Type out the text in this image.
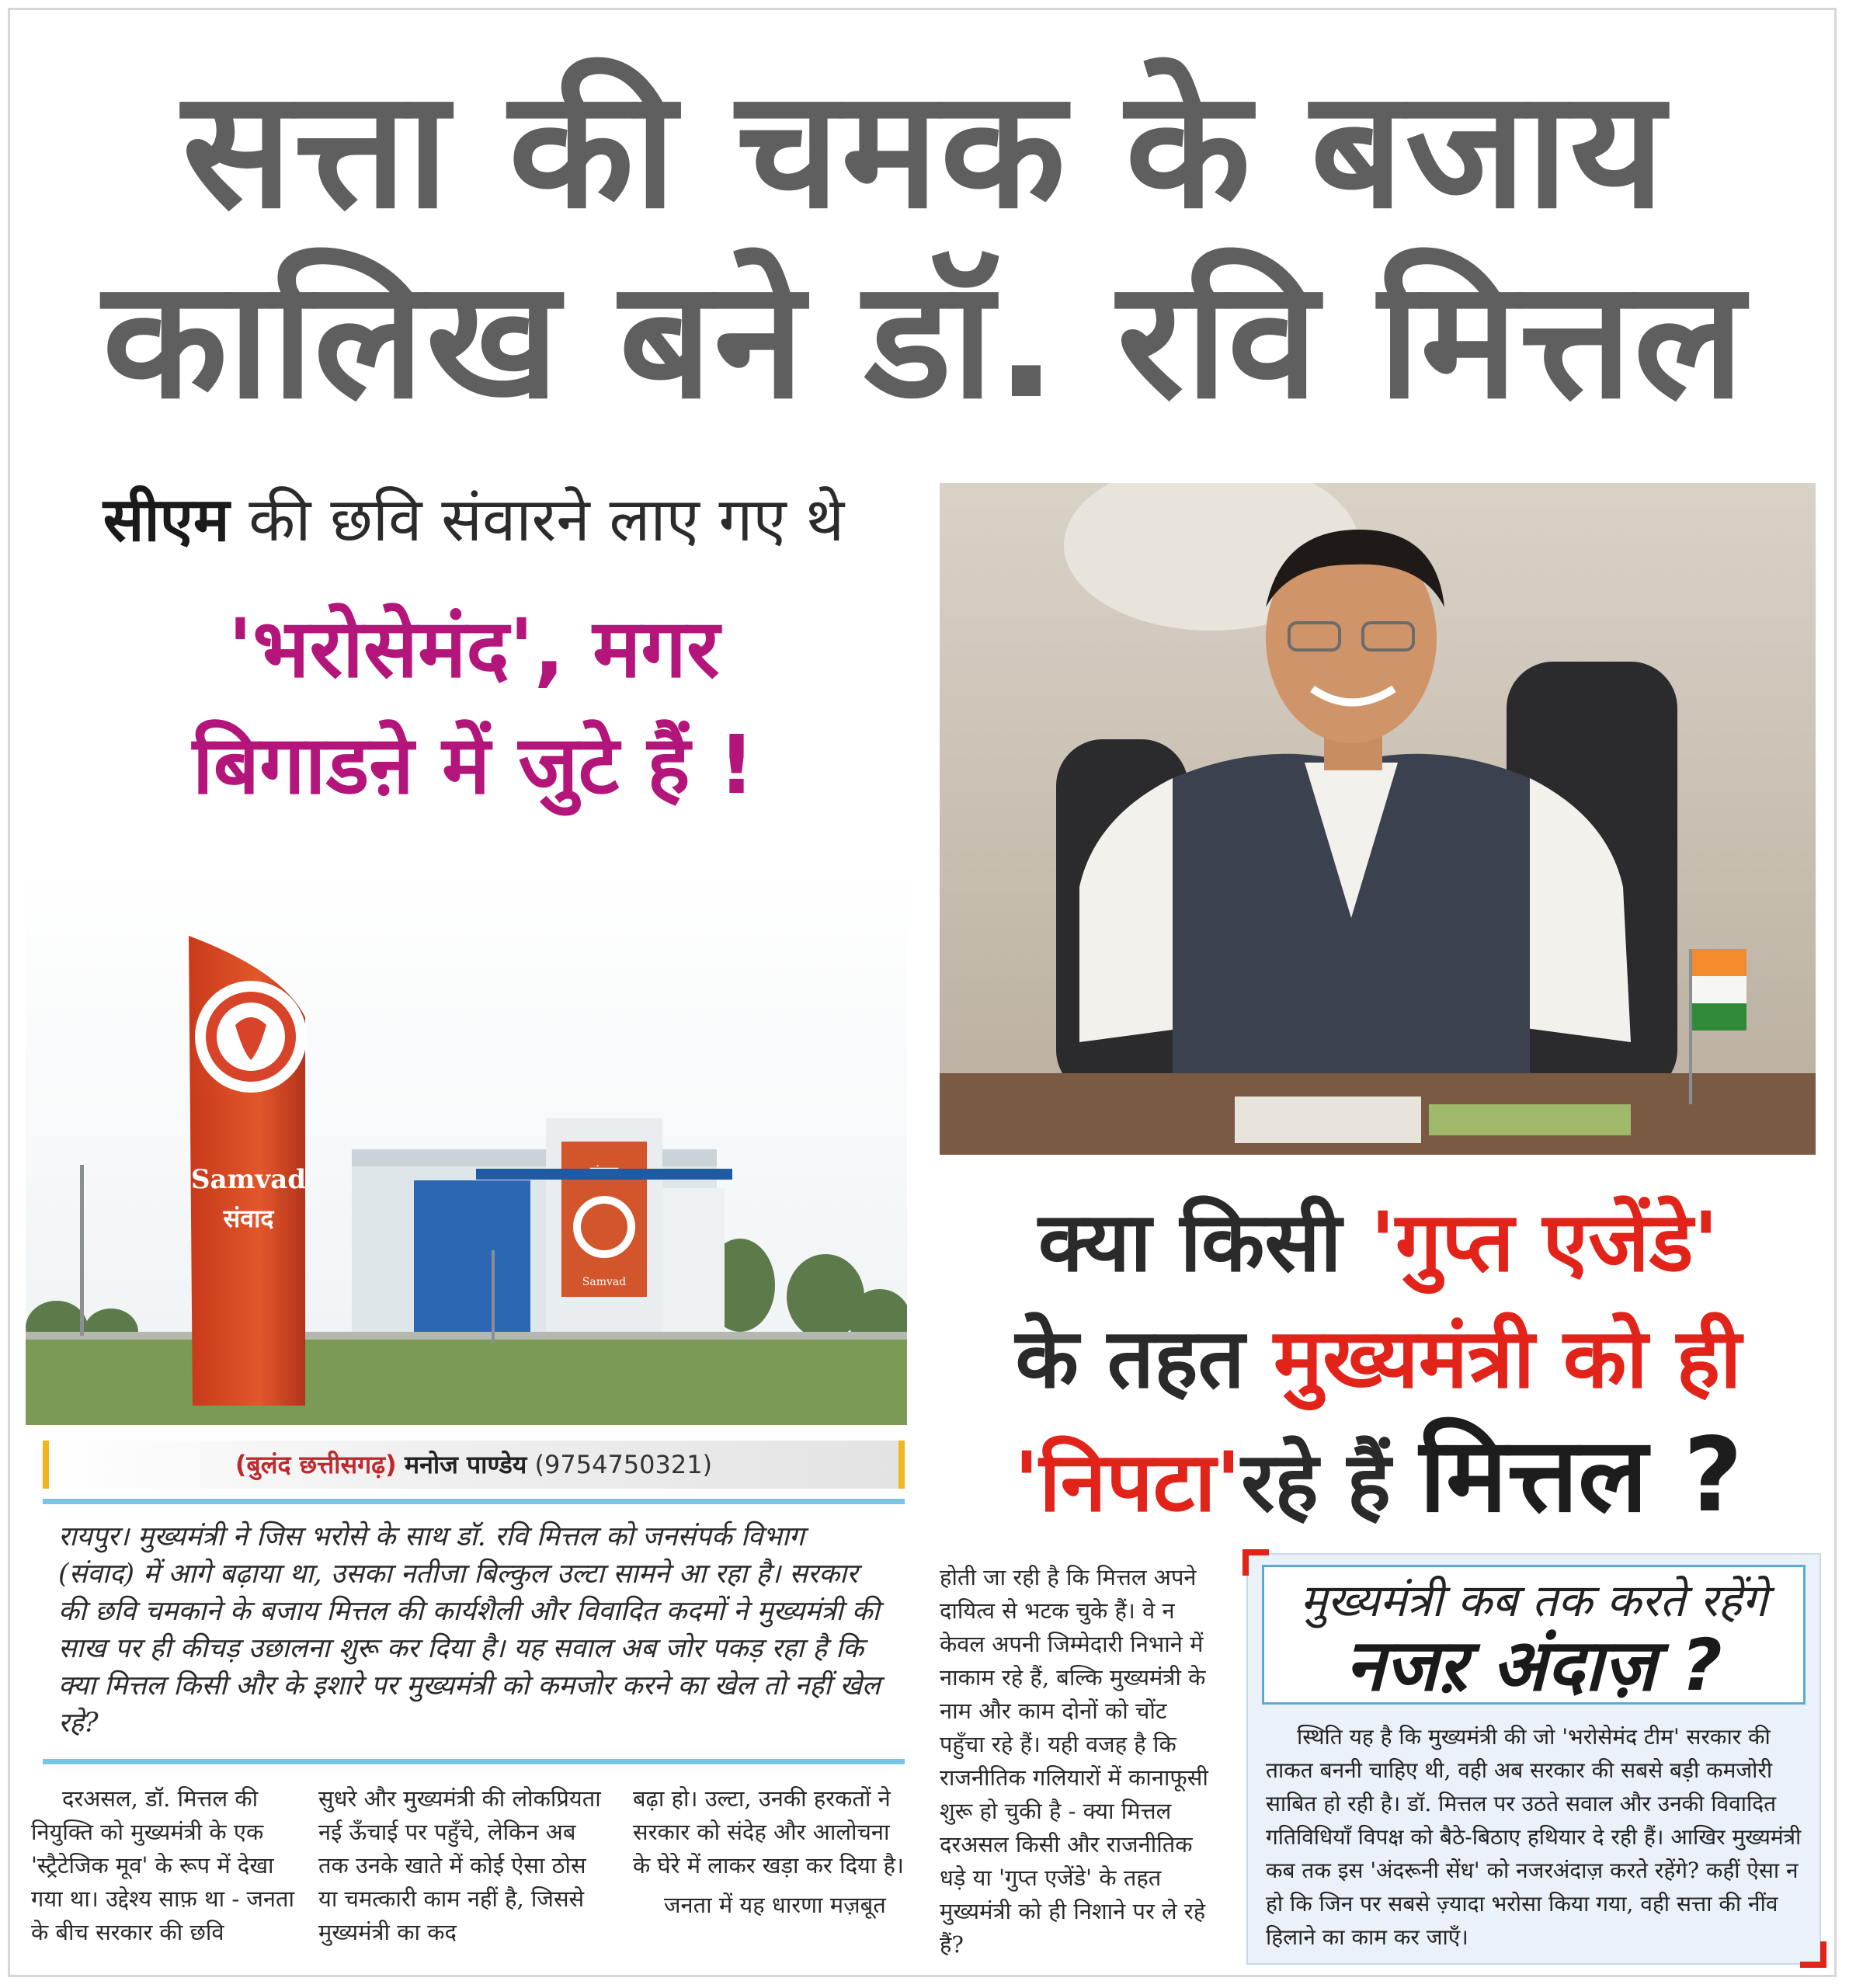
सत्ता की चमक के बजाय
कालिख बने डॉ. रवि मित्तल
सीएम की छवि संवारने लाए गए थे
'भरोसेमंद', मगर
बिगाडऩे में जुटे हैं !
Samvad
Samvad
संवाद
(बुलंद छत्तीसगढ़) मनोज पाण्डेय (9754750321)
रायपुर। मुख्यमंत्री ने जिस भरोसे के साथ डॉ. रवि मित्तल को जनसंपर्क विभाग (संवाद) में आगे बढ़ाया था, उसका नतीजा बिल्कुल उल्टा सामने आ रहा है। सरकार की छवि चमकाने के बजाय मित्तल की कार्यशैली और विवादित कदमों ने मुख्यमंत्री की साख पर ही कीचड़ उछालना शुरू कर दिया है। यह सवाल अब जोर पकड़ रहा है कि क्या मित्तल किसी और के इशारे पर मुख्यमंत्री को कमजोर करने का खेल तो नहीं खेल रहे?
दरअसल, डॉ. मित्तल की नियुक्ति को मुख्यमंत्री के एक 'स्ट्रैटेजिक मूव' के रूप में देखा गया था। उद्देश्य साफ़ था - जनता के बीच सरकार की छवि
सुधरे और मुख्यमंत्री की लोकप्रियता नई ऊँचाई पर पहुँचे, लेकिन अब तक उनके खाते में कोई ऐसा ठोस या चमत्कारी काम नहीं है, जिससे मुख्यमंत्री का कद
बढ़ा हो। उल्टा, उनकी हरकतों ने सरकार को संदेह और आलोचना के घेरे में लाकर खड़ा कर दिया है।
जनता में यह धारणा मज़बूत
क्या किसी 'गुप्त एजेंडे'
के तहत मुख्यमंत्री को ही
'निपटा'रहे हैं मित्तल ?
होती जा रही है कि मित्तल अपने दायित्व से भटक चुके हैं। वे न केवल अपनी जिम्मेदारी निभाने में नाकाम रहे हैं, बल्कि मुख्यमंत्री के नाम और काम दोनों को चोंट पहुँचा रहे हैं। यही वजह है कि राजनीतिक गलियारों में कानाफूसी शुरू हो चुकी है - क्या मित्तल दरअसल किसी और राजनीतिक धड़े या 'गुप्त एजेंडे' के तहत मुख्यमंत्री को ही निशाने पर ले रहे हैं?
मुख्यमंत्री कब तक करते रहेंगे
नजऱ अंदाज़ ?
स्थिति यह है कि मुख्यमंत्री की जो 'भरोसेमंद टीम' सरकार की ताकत बननी चाहिए थी, वही अब सरकार की सबसे बड़ी कमजोरी साबित हो रही है। डॉ. मित्तल पर उठते सवाल और उनकी विवादित गतिविधियाँ विपक्ष को बैठे-बिठाए हथियार दे रही हैं। आखिर मुख्यमंत्री कब तक इस 'अंदरूनी सेंध' को नजरअंदाज़ करते रहेंगे? कहीं ऐसा न हो कि जिन पर सबसे ज़्यादा भरोसा किया गया, वही सत्ता की नींव हिलाने का काम कर जाएँ।
